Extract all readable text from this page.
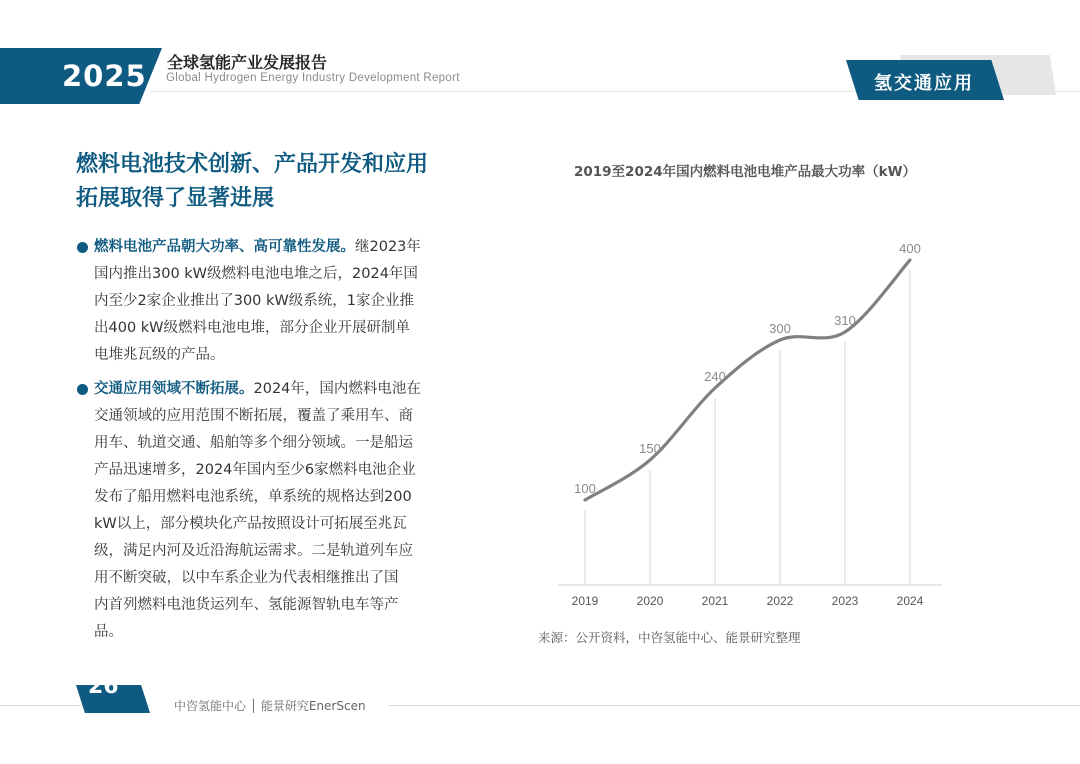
2025 全球氢能产业发展报告
Global Hydrogen Energy Industry Development Report	氢交通应用
燃料电池技术创新、产品开发和应用
拓展取得了显著进展
燃料电池产品朝大功率、高可靠性发展。继2023年
国内推出300 kW级燃料电池电堆之后，2024年国
内至少2家企业推出了300 kW级系统，1家企业推
出400 kW级燃料电池电堆，部分企业开展研制单
电堆兆瓦级的产品。
交通应用领域不断拓展。2024年，国内燃料电池在
交通领域的应用范围不断拓展，覆盖了乘用车、商
用车、轨道交通、船舶等多个细分领域。一是船运
产品迅速增多，2024年国内至少6家燃料电池企业
发布了船用燃料电池系统，单系统的规格达到200
kW以上，部分模块化产品按照设计可拓展至兆瓦
级，满足内河及近沿海航运需求。二是轨道列车应
用不断突破，以中车系企业为代表相继推出了国
内首列燃料电池货运列车、氢能源智轨电车等产
品。
2019至2024年国内燃料电池电堆产品最大功率（kW）
100
150
240
300
310
400
2019	2020	2021	2022	2023	2024
来源：公开资料，中咨氢能中心、能景研究整理
26
中咨氢能中心 │ 能景研究EnerScen
